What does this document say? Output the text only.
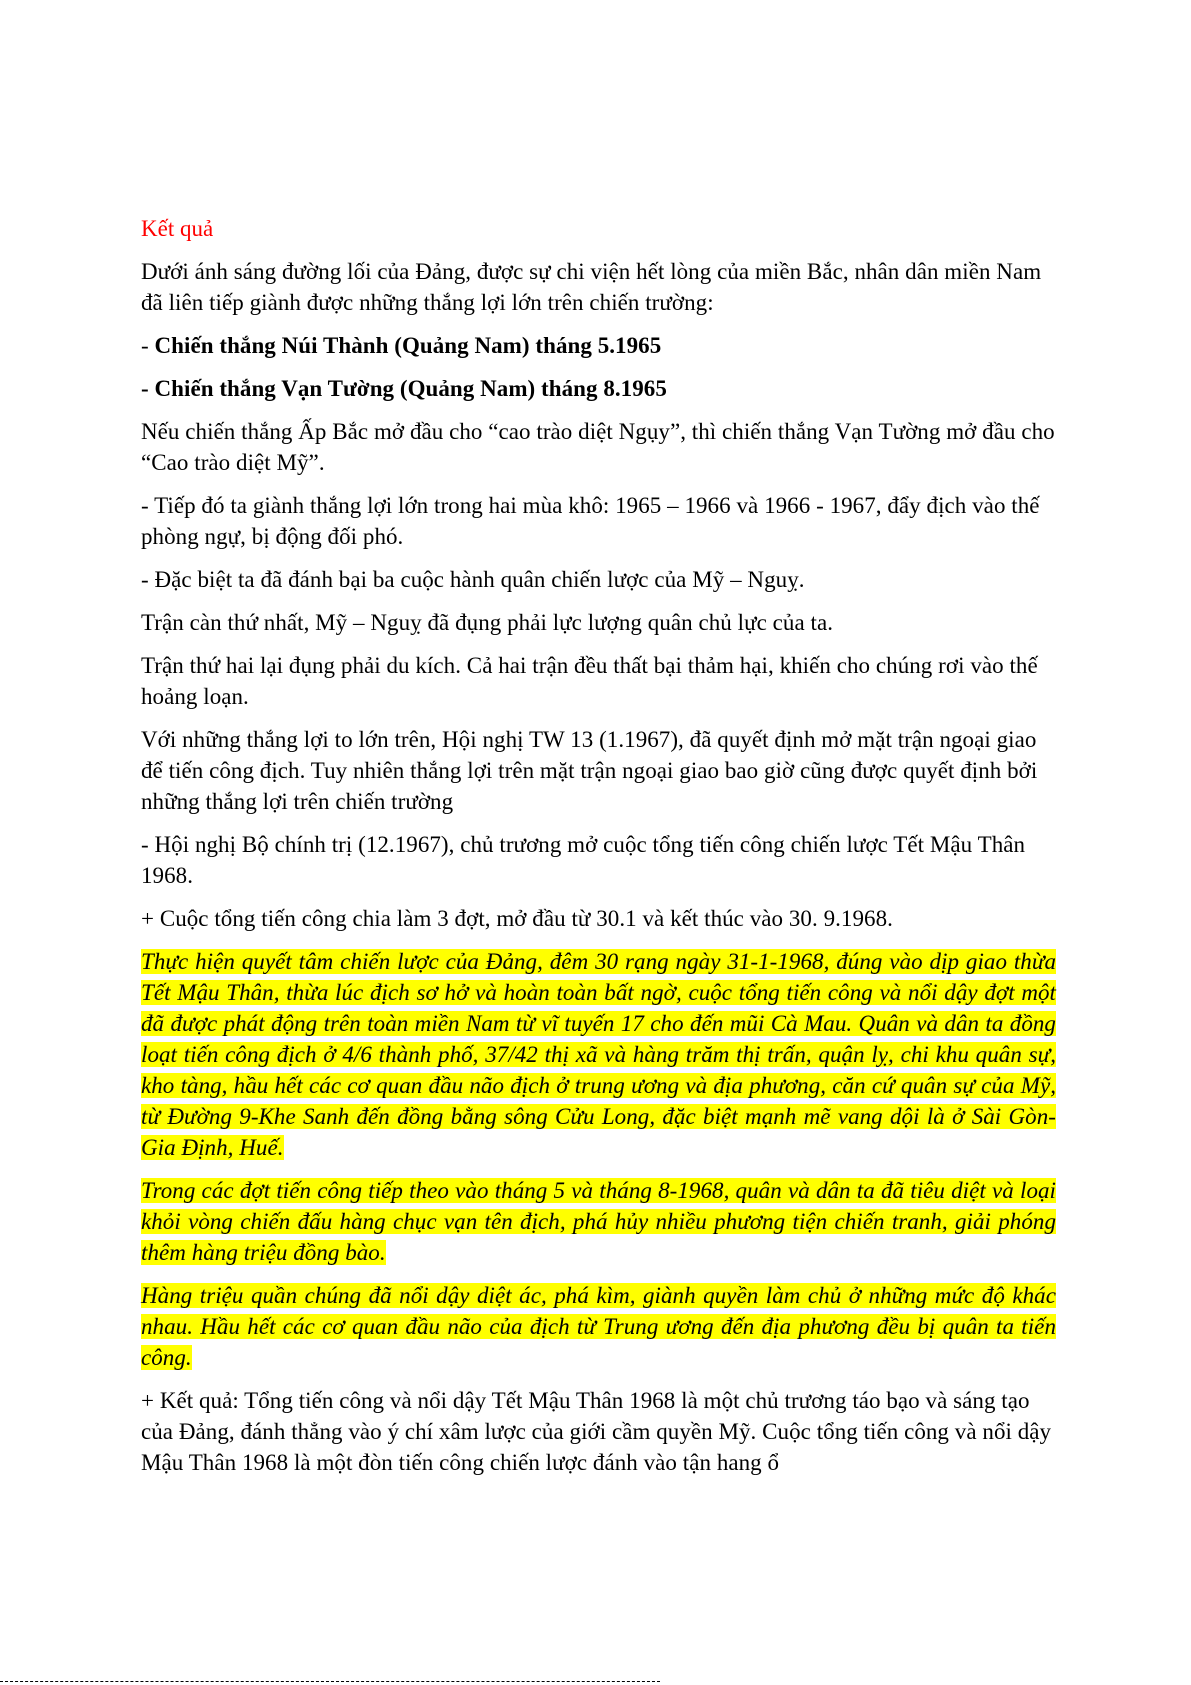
Kết quả

Dưới ánh sáng đường lối của Đảng, được sự chi viện hết lòng của miền Bắc, nhân dân miền Nam đã liên tiếp giành được những thắng lợi lớn trên chiến trường:

- Chiến thắng Núi Thành (Quảng Nam) tháng 5.1965

- Chiến thắng Vạn Tường (Quảng Nam) tháng 8.1965

Nếu chiến thắng Ấp Bắc mở đầu cho “cao trào diệt Ngụy”, thì chiến thắng Vạn Tường mở đầu cho “Cao trào diệt Mỹ”.

- Tiếp đó ta giành thắng lợi lớn trong hai mùa khô: 1965 – 1966 và 1966 - 1967, đẩy địch vào thế phòng ngự, bị động đối phó.

- Đặc biệt ta đã đánh bại ba cuộc hành quân chiến lược của Mỹ – Nguỵ.

Trận càn thứ nhất, Mỹ – Nguỵ đã đụng phải lực lượng quân chủ lực của ta.

Trận thứ hai lại đụng phải du kích. Cả hai trận đều thất bại thảm hại, khiến cho chúng rơi vào thế hoảng loạn.

Với những thắng lợi to lớn trên, Hội nghị TW 13 (1.1967), đã quyết định mở mặt trận ngoại giao để tiến công địch. Tuy nhiên thắng lợi trên mặt trận ngoại giao bao giờ cũng được quyết định bởi những thắng lợi trên chiến trường

- Hội nghị Bộ chính trị (12.1967), chủ trương mở cuộc tổng tiến công chiến lược Tết Mậu Thân 1968.

+ Cuộc tổng tiến công chia làm 3 đợt, mở đầu từ 30.1 và kết thúc vào 30. 9.1968.

Thực hiện quyết tâm chiến lược của Đảng, đêm 30 rạng ngày 31-1-1968, đúng vào dịp giao thừa Tết Mậu Thân, thừa lúc địch sơ hở và hoàn toàn bất ngờ, cuộc tổng tiến công và nổi dậy đợt một đã được phát động trên toàn miền Nam từ vĩ tuyến 17 cho đến mũi Cà Mau. Quân và dân ta đồng loạt tiến công địch ở 4/6 thành phố, 37/42 thị xã và hàng trăm thị trấn, quận lỵ, chi khu quân sự, kho tàng, hầu hết các cơ quan đầu não địch ở trung ương và địa phương, căn cứ quân sự của Mỹ, từ Đường 9-Khe Sanh đến đồng bằng sông Cửu Long, đặc biệt mạnh mẽ vang dội là ở Sài Gòn-Gia Định, Huế.

Trong các đợt tiến công tiếp theo vào tháng 5 và tháng 8-1968, quân và dân ta đã tiêu diệt và loại khỏi vòng chiến đấu hàng chục vạn tên địch, phá hủy nhiều phương tiện chiến tranh, giải phóng thêm hàng triệu đồng bào.

Hàng triệu quần chúng đã nổi dậy diệt ác, phá kìm, giành quyền làm chủ ở những mức độ khác nhau. Hầu hết các cơ quan đầu não của địch từ Trung ương đến địa phương đều bị quân ta tiến công.

+ Kết quả: Tổng tiến công và nổi dậy Tết Mậu Thân 1968 là một chủ trương táo bạo và sáng tạo của Đảng, đánh thẳng vào ý chí xâm lược của giới cầm quyền Mỹ. Cuộc tổng tiến công và nổi dậy Mậu Thân 1968 là một đòn tiến công chiến lược đánh vào tận hang ổ
